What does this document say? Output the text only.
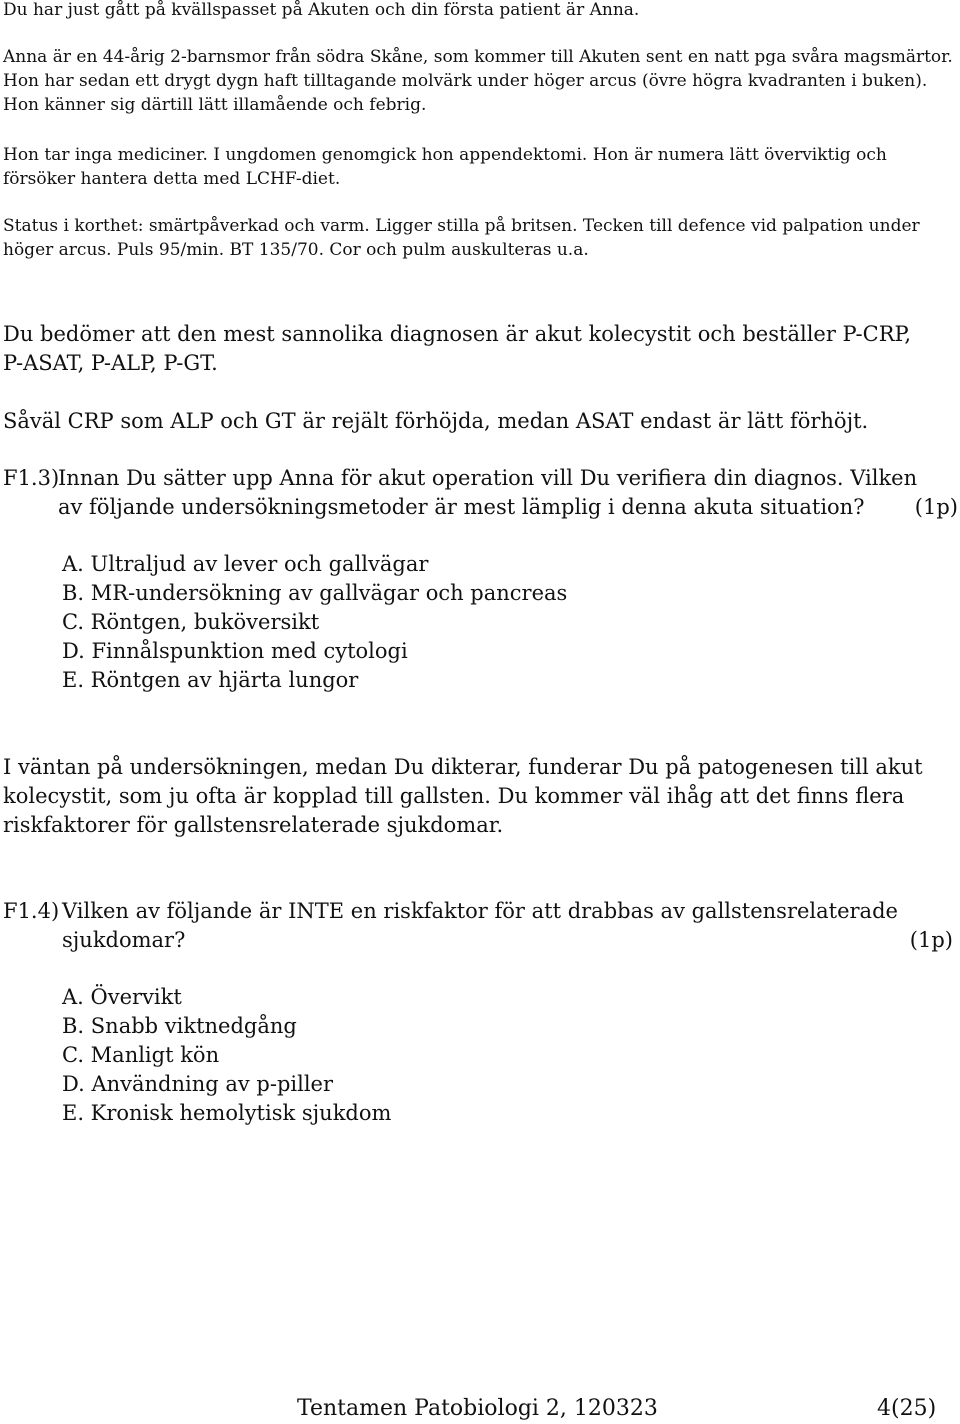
Du har just gått på kvällspasset på Akuten och din första patient är Anna.

Anna är en 44-årig 2-barnsmor från södra Skåne, som kommer till Akuten sent en natt pga svåra magsmärtor.

Hon har sedan ett drygt dygn haft tilltagande molvärk under höger arcus (övre högra kvadranten i buken).

Hon känner sig därtill lätt illamående och febrig.

Hon tar inga mediciner. I ungdomen genomgick hon appendektomi. Hon är numera lätt överviktig och

försöker hantera detta med LCHF-diet.

Status i korthet: smärtpåverkad och varm. Ligger stilla på britsen. Tecken till defence vid palpation under

höger arcus. Puls 95/min. BT 135/70. Cor och pulm auskulteras u.a.

Du bedömer att den mest sannolika diagnosen är akut kolecystit och beställer P-CRP,

P-ASAT, P-ALP, P-GT.

Såväl CRP som ALP och GT är rejält förhöjda, medan ASAT endast är lätt förhöjt.

F1.3)
Innan Du sätter upp Anna för akut operation vill Du verifiera din diagnos. Vilken
av följande undersökningsmetoder är mest lämplig i denna akuta situation? (1p)
A. Ultraljud av lever och gallvägar
B. MR-undersökning av gallvägar och pancreas
C. Röntgen, buköversikt
D. Finnålspunktion med cytologi
E. Röntgen av hjärta lungor

I väntan på undersökningen, medan Du dikterar, funderar Du på patogenesen till akut

kolecystit, som ju ofta är kopplad till gallsten. Du kommer väl ihåg att det finns flera

riskfaktorer för gallstensrelaterade sjukdomar.

F1.4) Vilken av följande är INTE en riskfaktor för att drabbas av gallstensrelaterade
sjukdomar?	(1p)
A. Övervikt
B. Snabb viktnedgång
C. Manligt kön
D. Användning av p-piller
E. Kronisk hemolytisk sjukdom
Tentamen Patobiologi 2, 120323	4(25)
